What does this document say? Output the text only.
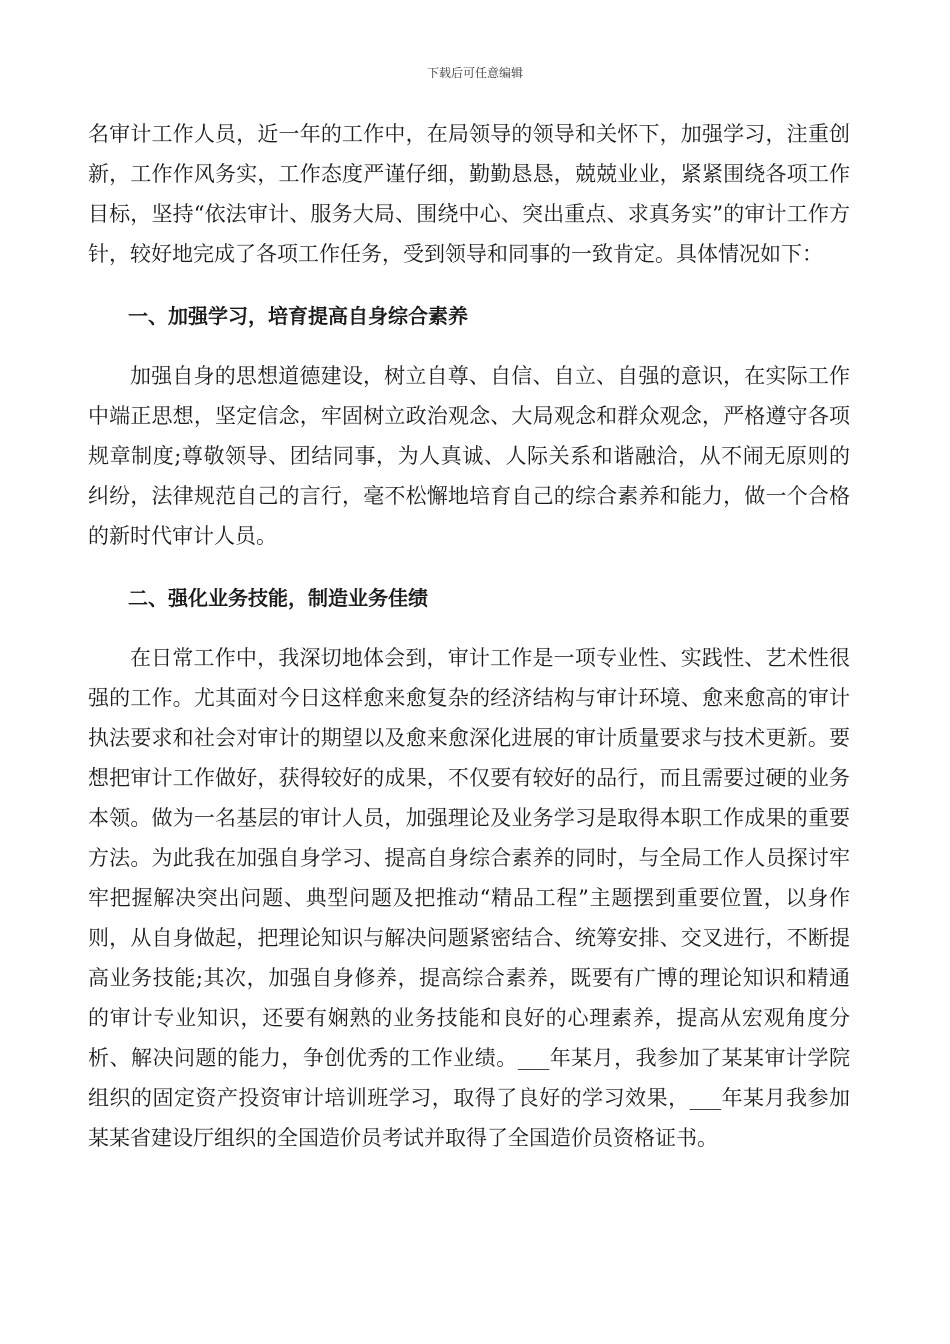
下载后可任意编辑

名审计工作人员，近一年的工作中，在局领导的领导和关怀下，加强学习，注重创新，工作作风务实，工作态度严谨仔细，勤勤恳恳，兢兢业业，紧紧围绕各项工作目标，坚持“依法审计、服务大局、围绕中心、突出重点、求真务实”的审计工作方针，较好地完成了各项工作任务，受到领导和同事的一致肯定。具体情况如下：

一、加强学习，培育提高自身综合素养

加强自身的思想道德建设，树立自尊、自信、自立、自强的意识，在实际工作中端正思想，坚定信念，牢固树立政治观念、大局观念和群众观念，严格遵守各项规章制度;尊敬领导、团结同事，为人真诚、人际关系和谐融洽，从不闹无原则的纠纷，法律规范自己的言行，毫不松懈地培育自己的综合素养和能力，做一个合格的新时代审计人员。

二、强化业务技能，制造业务佳绩

在日常工作中，我深切地体会到，审计工作是一项专业性、实践性、艺术性很强的工作。尤其面对今日这样愈来愈复杂的经济结构与审计环境、愈来愈高的审计执法要求和社会对审计的期望以及愈来愈深化进展的审计质量要求与技术更新。要想把审计工作做好，获得较好的成果，不仅要有较好的品行，而且需要过硬的业务本领。做为一名基层的审计人员，加强理论及业务学习是取得本职工作成果的重要方法。为此我在加强自身学习、提高自身综合素养的同时，与全局工作人员探讨牢牢把握解决突出问题、典型问题及把推动“精品工程”主题摆到重要位置，以身作则，从自身做起，把理论知识与解决问题紧密结合、统筹安排、交叉进行，不断提高业务技能;其次，加强自身修养，提高综合素养，既要有广博的理论知识和精通的审计专业知识，还要有娴熟的业务技能和良好的心理素养，提高从宏观角度分析、解决问题的能力，争创优秀的工作业绩。___年某月，我参加了某某审计学院组织的固定资产投资审计培训班学习，取得了良好的学习效果，___年某月我参加某某省建设厅组织的全国造价员考试并取得了全国造价员资格证书。
